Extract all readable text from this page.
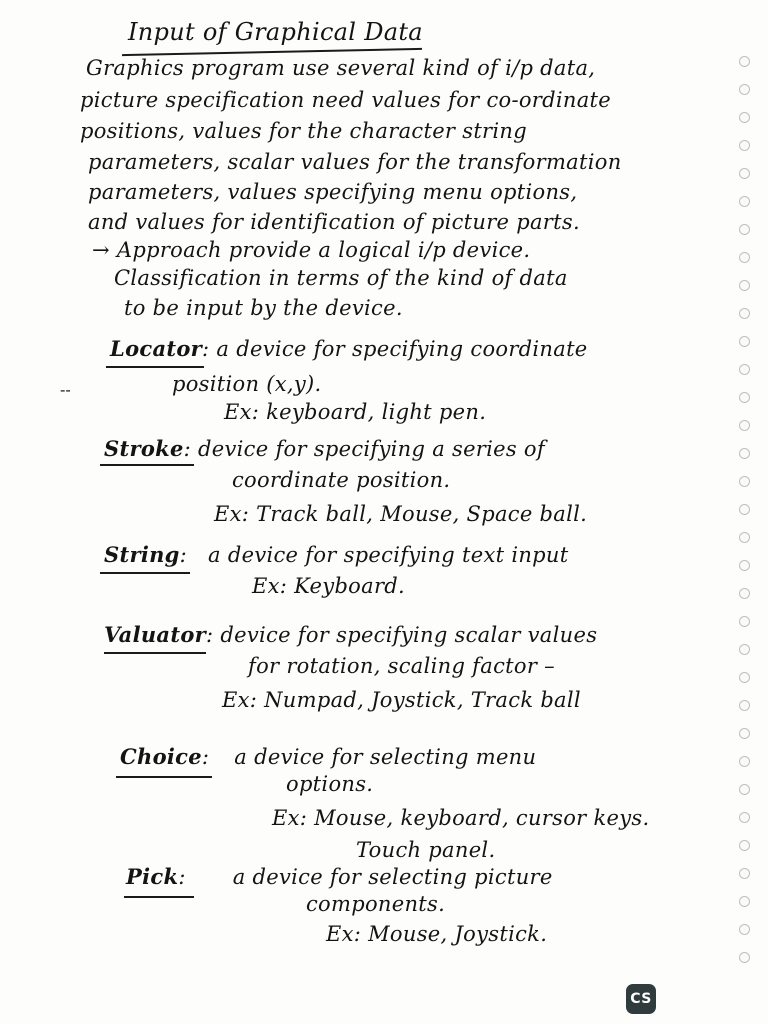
Input of Graphical Data
Graphics program use several kind of i/p data,
picture specification need values for co-ordinate
positions, values for the character string
parameters, scalar values for the transformation
parameters, values specifying menu options,
and values for identification of picture parts.
→ Approach provide a logical i/p device.
Classification in terms of the kind of data
to be input by the device.
Locator: a device for specifying coordinate
--	position (x,y).
Ex: keyboard, light pen.
Stroke: device for specifying a series of
coordinate position.
Ex: Track ball, Mouse, Space ball.
String: a device for specifying text input
Ex: Keyboard.
Valuator: device for specifying scalar values
for rotation, scaling factor –
Ex: Numpad, Joystick, Track ball
Choice: a device for selecting menu
options.
Ex: Mouse, keyboard, cursor keys.
Touch panel.
Pick: a device for selecting picture
components.
Ex: Mouse, Joystick.
CS
